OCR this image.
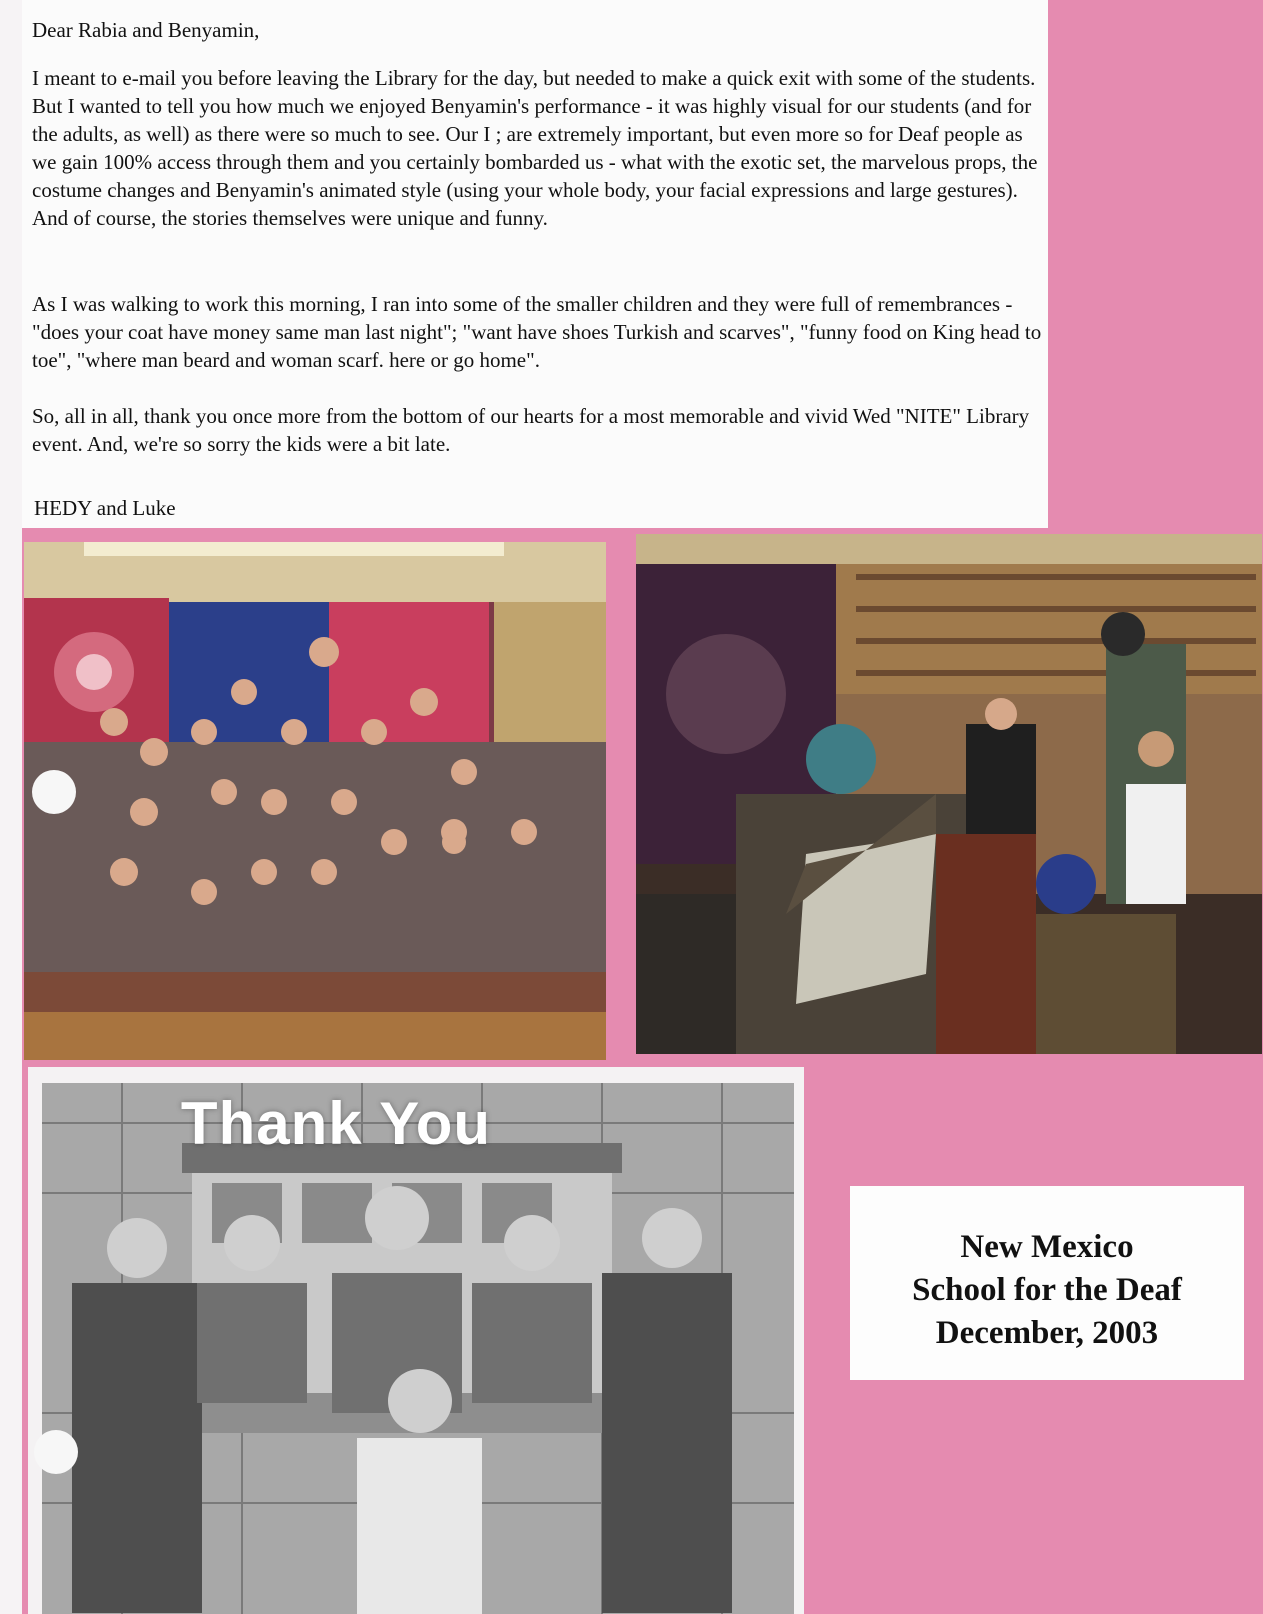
Dear Rabia and Benyamin,
I meant to e-mail you before leaving the Library for the day, but needed to make a quick exit with some of the students. But I wanted to tell you how much we enjoyed Benyamin's performance - it was highly visual for our students (and for the adults, as well) as there were so much to see. Our I ; are extremely important, but even more so for Deaf people as we gain 100% access through them and you certainly bombarded us - what with the exotic set, the marvelous props, the costume changes and Benyamin's animated style (using your whole body, your facial expressions and large gestures). And of course, the stories themselves were unique and funny.
As I was walking to work this morning, I ran into some of the smaller children and they were full of remembrances - "does your coat have money same man last night"; "want have shoes Turkish and scarves", "funny food on King head to toe", "where man beard and woman scarf. here or go home".
So, all in all, thank you once more from the bottom of our hearts for a most memorable and vivid Wed "NITE" Library event. And, we're so sorry the kids were a bit late.
HEDY and Luke
Thank You
New Mexico
School for the Deaf
December, 2003
